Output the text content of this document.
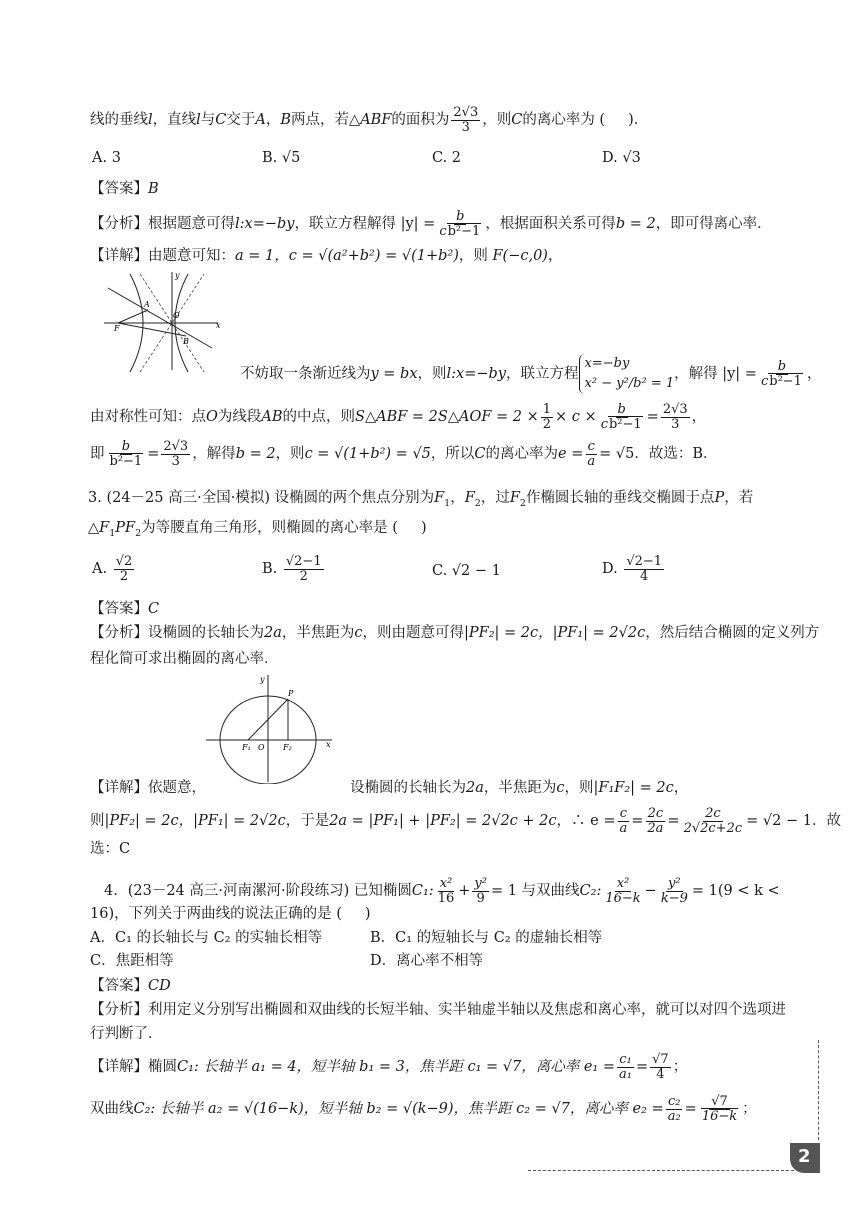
线的垂线l，直线l与C交于A，B两点，若△ABF的面积为 $\frac{2√3}{3}$ ，则C的离心率为 ( )．
A. 3	B. √5	C. 2	D. √3
【答案】B
【分析】根据题意可得l:x=−by，联立方程解得 $|y| = \frac{b}{\text{cb²−1}}$ ，根据面积关系可得b = 2，即可得离心率．
【详解】由题意可知：a = 1，c = √(a²+b²) = √(1+b²)，则 F(−c,0)，
y
A
O
F
B
x
不妨取一条渐近线为y = bx，则l:x=−by，联立方程x=−by
x² − y²/b² = 1，解得 $|y| = \frac{b}{\text{cb²−1}}$ ，
由对称性可知：点O为线段AB的中点，则S△ABF = 2S△AOF = $2 \times \frac{1}{2} \times c \times \frac{b}{\text{cb²−1}} = \frac{2√3}{3}$ ，
即 $\frac{b}{\text{b²−1}} = \frac{2√3}{3}$ ，解得b = 2，则c = √(1+b²) = √5，所以C的离心率为$e = \frac{c}{a} = √5$．故选：B．
3. (24－25 高三·全国·模拟) 设椭圆的两个焦点分别为$F_1$，$F_2$，过$F_2$作椭圆长轴的垂线交椭圆于点P，若
$\triangle F_1PF_2$为等腰直角三角形，则椭圆的离心率是 ( )
A. $\frac{√2}{2}$	B. $\frac{√2-1}{2}$	C. √2 − 1	D. $\frac{√2-1}{4}$
【答案】C
【分析】设椭圆的长轴长为2a，半焦距为c，则由题意可得|PF₂| = 2c，|PF₁| = 2√2c，然后结合椭圆的定义列方
程化简可求出椭圆的离心率．
y
P
F₁ O F₂	x
【详解】依题意，	设椭圆的长轴长为2a，半焦距为c，则|F₁F₂| = 2c，
则|PF₂| = 2c，|PF₁| = 2√2c，于是2a = |PF₁| + |PF₂| = 2√2c + 2c，∴ $e = \frac{c}{a} = \frac{2c}{2a} = \frac{2c}{2√2c+2c} = √2 - 1$．故
选：C
4．(23－24 高三·河南漯河·阶段练习) 已知椭圆C₁: $\frac{\text{x²}}{16} + \frac{\text{y²}}{9} = 1$ 与双曲线C₂: $\frac{\text{x²}}{16-k} - \frac{\text{y²}}{k-9} = 1(9 < k$ <
16)，下列关于两曲线的说法正确的是 ( )
A．C₁ 的长轴长与 C₂ 的实轴长相等	B．C₁ 的短轴长与 C₂ 的虚轴长相等
C．焦距相等	D．离心率不相等
【答案】CD
【分析】利用定义分别写出椭圆和双曲线的长短半轴、实半轴虚半轴以及焦虑和离心率，就可以对四个选项进
行判断了．
【详解】椭圆C₁: 长轴半 a₁ = 4，短半轴 b₁ = 3，焦半距 c₁ = √7，离心率 $e_1 = \frac{\text{c₁}}{\text{a₁}} = \frac{√7}{4}$ ；
双曲线C₂: 长轴半 a₂ = √(16−k)，短半轴 b₂ = √(k−9)，焦半距 c₂ = √7，离心率 $e_2 = \frac{\text{c₂}}{\text{a₂}} = \frac{√7}{16-k}$ ；
2
